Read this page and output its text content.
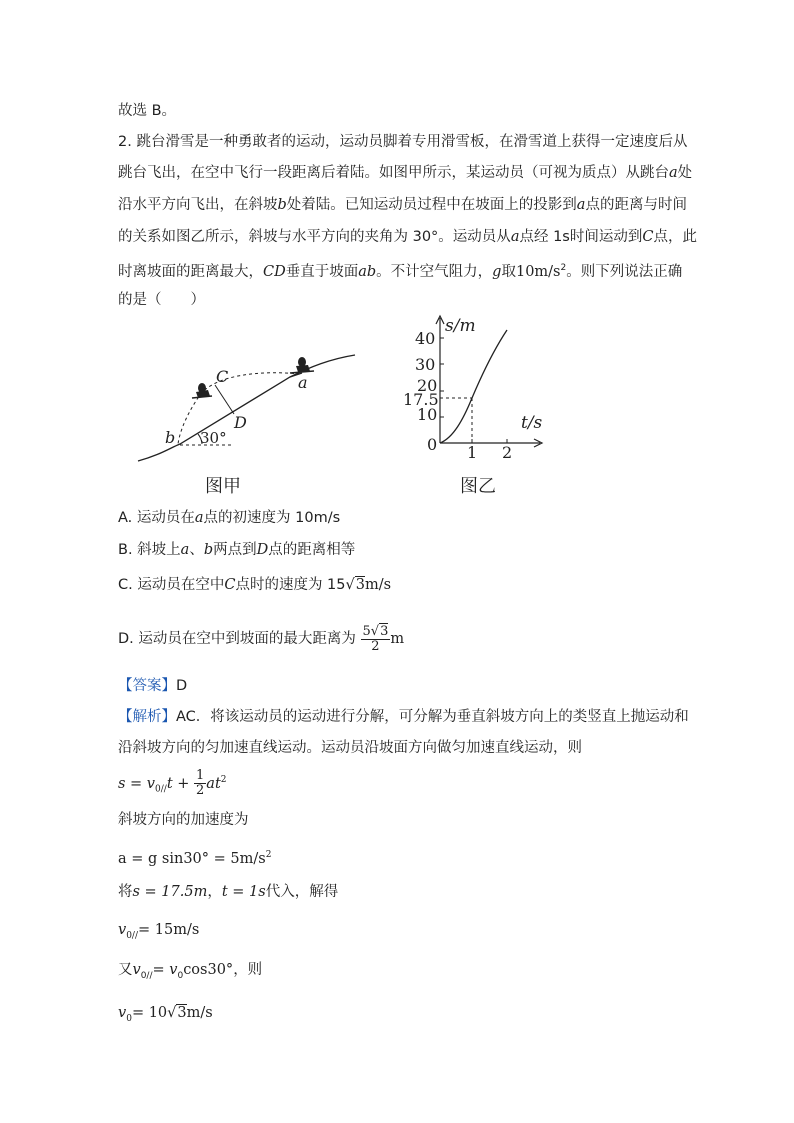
故选 B。
2. 跳台滑雪是一种勇敢者的运动，运动员脚着专用滑雪板，在滑雪道上获得一定速度后从
跳台飞出，在空中飞行一段距离后着陆。如图甲所示，某运动员（可视为质点）从跳台a处
沿水平方向飞出，在斜坡b处着陆。已知运动员过程中在坡面上的投影到a点的距离与时间
的关系如图乙所示，斜坡与水平方向的夹角为 30°。运动员从a点经 1s时间运动到C点，此
时离坡面的距离最大，CD垂直于坡面ab。不计空气阻力，g取$10m/s^2$。则下列说法正确
的是（　　）
C	a
D
b 30°
图甲
s/m
t/s
40
30
20
17.5
10
0 1 2
图乙
A. 运动员在a点的初速度为 10m/s
B. 斜坡上a、b两点到D点的距离相等
C. 运动员在空中C点时的速度为 15√3m/s
D. 运动员在空中到坡面的最大距离为 $\frac{5√3}{2}$ m
【答案】D
【解析】AC．将该运动员的运动进行分解，可分解为垂直斜坡方向上的类竖直上抛运动和
沿斜坡方向的匀加速直线运动。运动员沿坡面方向做匀加速直线运动，则
$s = v_{0//}t + \frac{1}{2} at^2$
斜坡方向的加速度为
a = g $\sin 30^\circ = 5m/s^2$
将s = 17.5m，t = 1s代入，解得
$v_{0//}= 15m/s$
又$v_{0//}= v_0\cos 30^\circ$，则
$v_0= 10√3m/s$
